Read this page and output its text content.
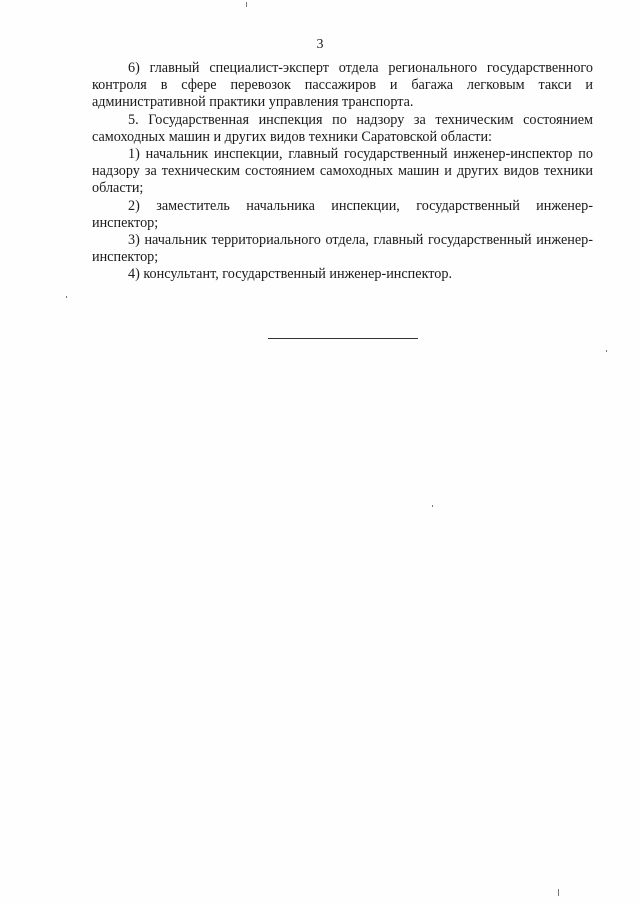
3

6) главный специалист-эксперт отдела регионального государственного контроля в сфере перевозок пассажиров и багажа легковым такси и административной практики управления транспорта.

5. Государственная инспекция по надзору за техническим состоянием самоходных машин и других видов техники Саратовской области:

1) начальник инспекции, главный государственный инженер-инспектор по надзору за техническим состоянием самоходных машин и других видов техники области;

2) заместитель начальника инспекции, государственный инженер-инспектор;

3) начальник территориального отдела, главный государственный инженер-инспектор;

4) консультант, государственный инженер-инспектор.
